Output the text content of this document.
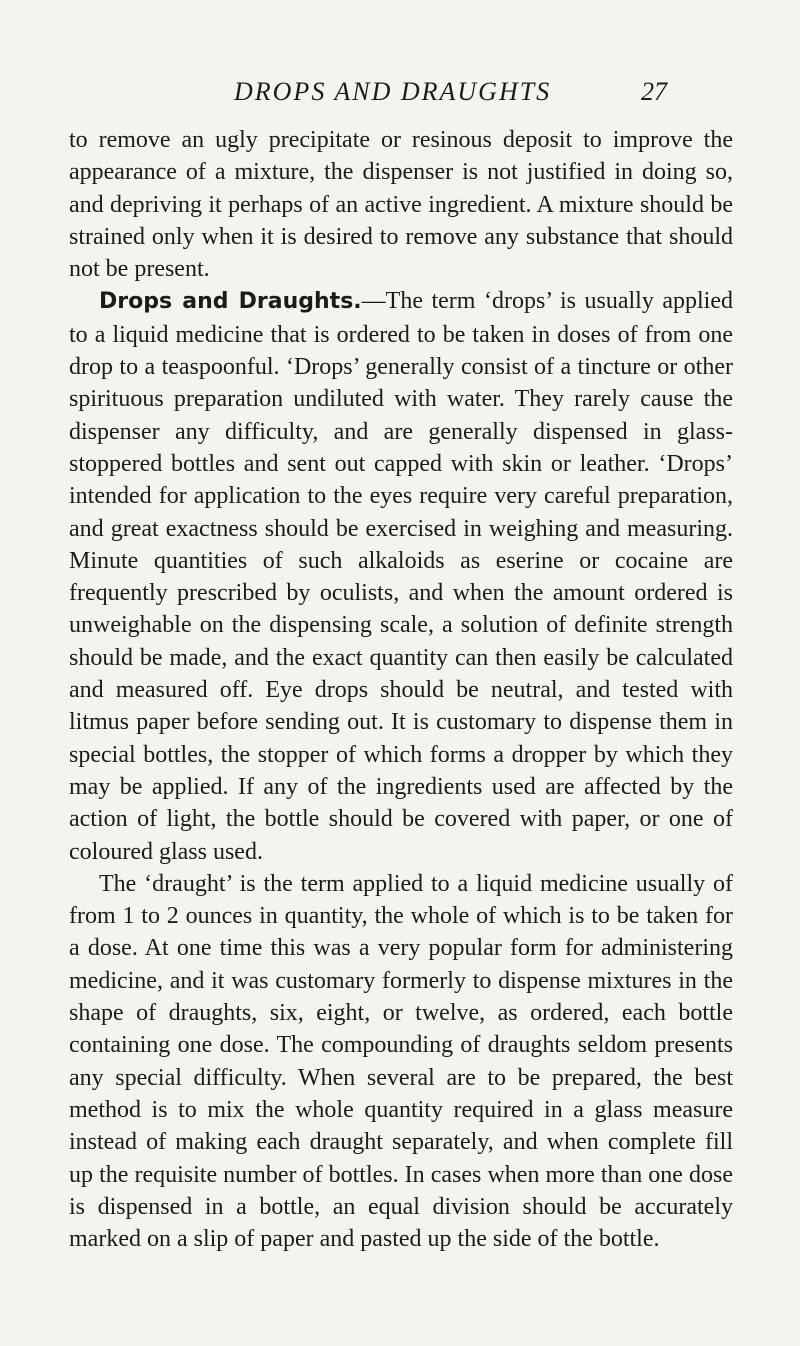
DROPS AND DRAUGHTS	27

to remove an ugly precipitate or resinous deposit to improve the appearance of a mixture, the dispenser is not justified in doing so, and depriving it perhaps of an active ingredient. A mixture should be strained only when it is desired to remove any substance that should not be present.

Drops and Draughts.—The term ‘drops’ is usually applied to a liquid medicine that is ordered to be taken in doses of from one drop to a teaspoonful. ‘Drops’ generally consist of a tincture or other spirituous preparation undiluted with water. They rarely cause the dispenser any difficulty, and are generally dispensed in glass-stoppered bottles and sent out capped with skin or leather. ‘Drops’ intended for application to the eyes require very careful preparation, and great exactness should be exercised in weighing and measuring. Minute quantities of such alkaloids as eserine or cocaine are frequently prescribed by oculists, and when the amount ordered is unweighable on the dispensing scale, a solution of definite strength should be made, and the exact quantity can then easily be calculated and measured off. Eye drops should be neutral, and tested with litmus paper before sending out. It is customary to dispense them in special bottles, the stopper of which forms a dropper by which they may be applied. If any of the ingredients used are affected by the action of light, the bottle should be covered with paper, or one of coloured glass used.

The ‘draught’ is the term applied to a liquid medicine usually of from 1 to 2 ounces in quantity, the whole of which is to be taken for a dose. At one time this was a very popular form for administering medicine, and it was customary formerly to dispense mixtures in the shape of draughts, six, eight, or twelve, as ordered, each bottle containing one dose. The compounding of draughts seldom presents any special difficulty. When several are to be prepared, the best method is to mix the whole quantity required in a glass measure instead of making each draught separately, and when complete fill up the requisite number of bottles. In cases when more than one dose is dispensed in a bottle, an equal division should be accurately marked on a slip of paper and pasted up the side of the bottle.
